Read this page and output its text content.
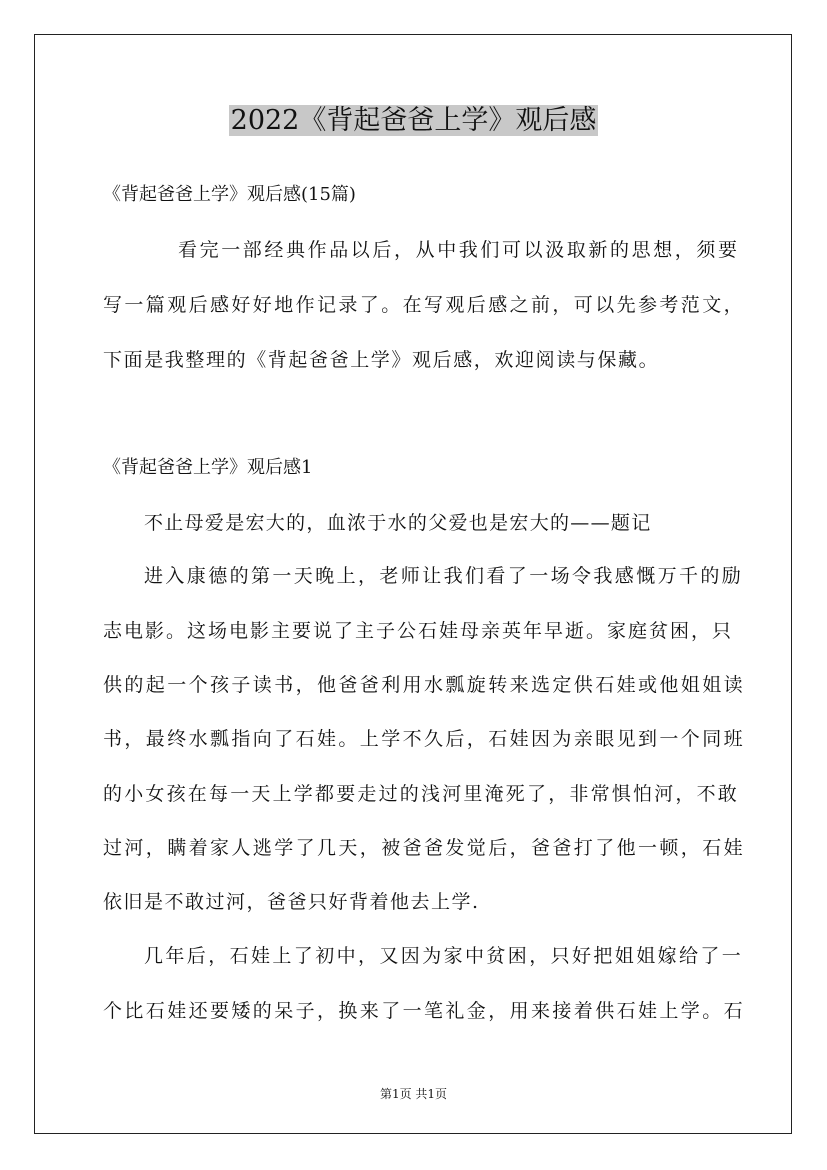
2022《背起爸爸上学》观后感
《背起爸爸上学》观后感(15篇)
看完一部经典作品以后，从中我们可以汲取新的思想，须要
写一篇观后感好好地作记录了。在写观后感之前，可以先参考范文，
下面是我整理的《背起爸爸上学》观后感，欢迎阅读与保藏。
《背起爸爸上学》观后感1
不止母爱是宏大的，血浓于水的父爱也是宏大的——题记
进入康德的第一天晚上，老师让我们看了一场令我感慨万千的励
志电影。这场电影主要说了主子公石娃母亲英年早逝。家庭贫困，只
供的起一个孩子读书，他爸爸利用水瓢旋转来选定供石娃或他姐姐读
书，最终水瓢指向了石娃。上学不久后，石娃因为亲眼见到一个同班
的小女孩在每一天上学都要走过的浅河里淹死了，非常惧怕河，不敢
过河，瞒着家人逃学了几天，被爸爸发觉后，爸爸打了他一顿，石娃
依旧是不敢过河，爸爸只好背着他去上学.
几年后，石娃上了初中，又因为家中贫困，只好把姐姐嫁给了一
个比石娃还要矮的呆子，换来了一笔礼金，用来接着供石娃上学。石
第1页 共1页
